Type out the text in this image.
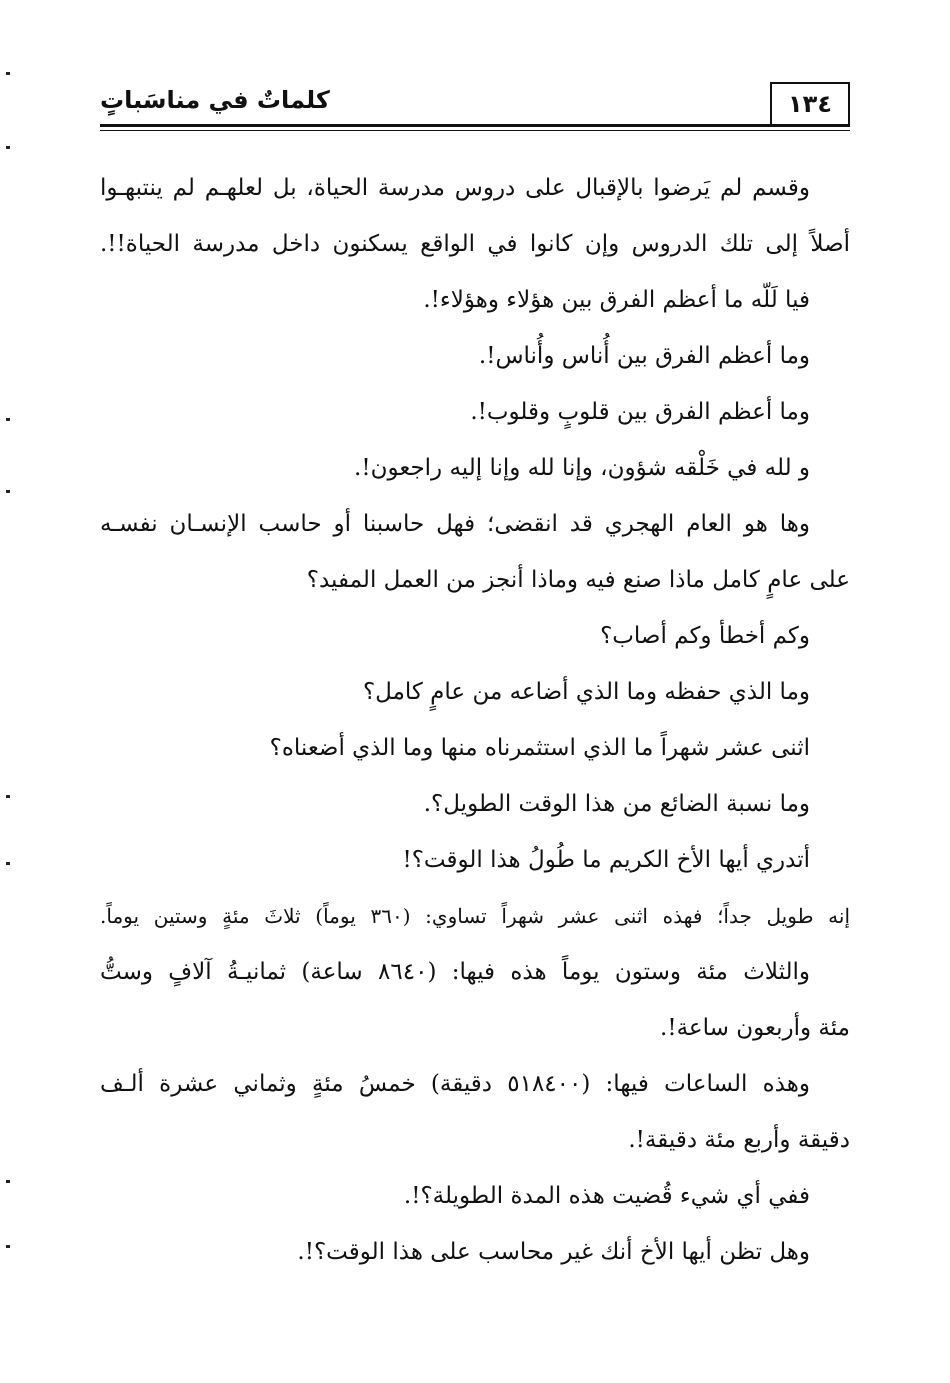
كلماتٌ في مناسَباتٍ	١٣٤

وقسم لم يَرضوا بالإقبال على دروس مدرسة الحياة، بل لعلهـم لم ينتبهـوا

أصلاً إلى تلك الدروس وإن كانوا في الواقع يسكنون داخل مدرسة الحياة!!.

فيا لَلّه ما أعظم الفرق بين هؤلاء وهؤلاء!.

وما أعظم الفرق بين أُناس وأُناس!.

وما أعظم الفرق بين قلوبٍ وقلوب!.

و لله في خَلْقه شؤون، وإنا لله وإنا إليه راجعون!.

وها هو العام الهجري قد انقضى؛ فهل حاسبنا أو حاسب الإنسـان نفسـه

على عامٍ كامل ماذا صنع فيه وماذا أنجز من العمل المفيد؟

وكم أخطأ وكم أصاب؟

وما الذي حفظه وما الذي أضاعه من عامٍ كامل؟

اثنى عشر شهراً ما الذي استثمرناه منها وما الذي أضعناه؟

وما نسبة الضائع من هذا الوقت الطويل؟.

أتدري أيها الأخ الكريم ما طُولُ هذا الوقت؟!

إنه طويل جداً؛ فهذه اثنى عشر شهراً تساوي: (٣٦٠ يوماً) ثلاثَ مئةٍ وستين يوماً.

والثلاث مئة وستون يوماً هذه فيها: (٨٦٤٠ ساعة) ثمانيـةُ آلافٍ وستُّ

مئة وأربعون ساعة!.

وهذه الساعات فيها: (٥١٨٤٠٠ دقيقة) خمسُ مئةٍ وثماني عشرة ألـف

دقيقة وأربع مئة دقيقة!.

ففي أي شيء قُضيت هذه المدة الطويلة؟!.

وهل تظن أيها الأخ أنك غير محاسب على هذا الوقت؟!.
